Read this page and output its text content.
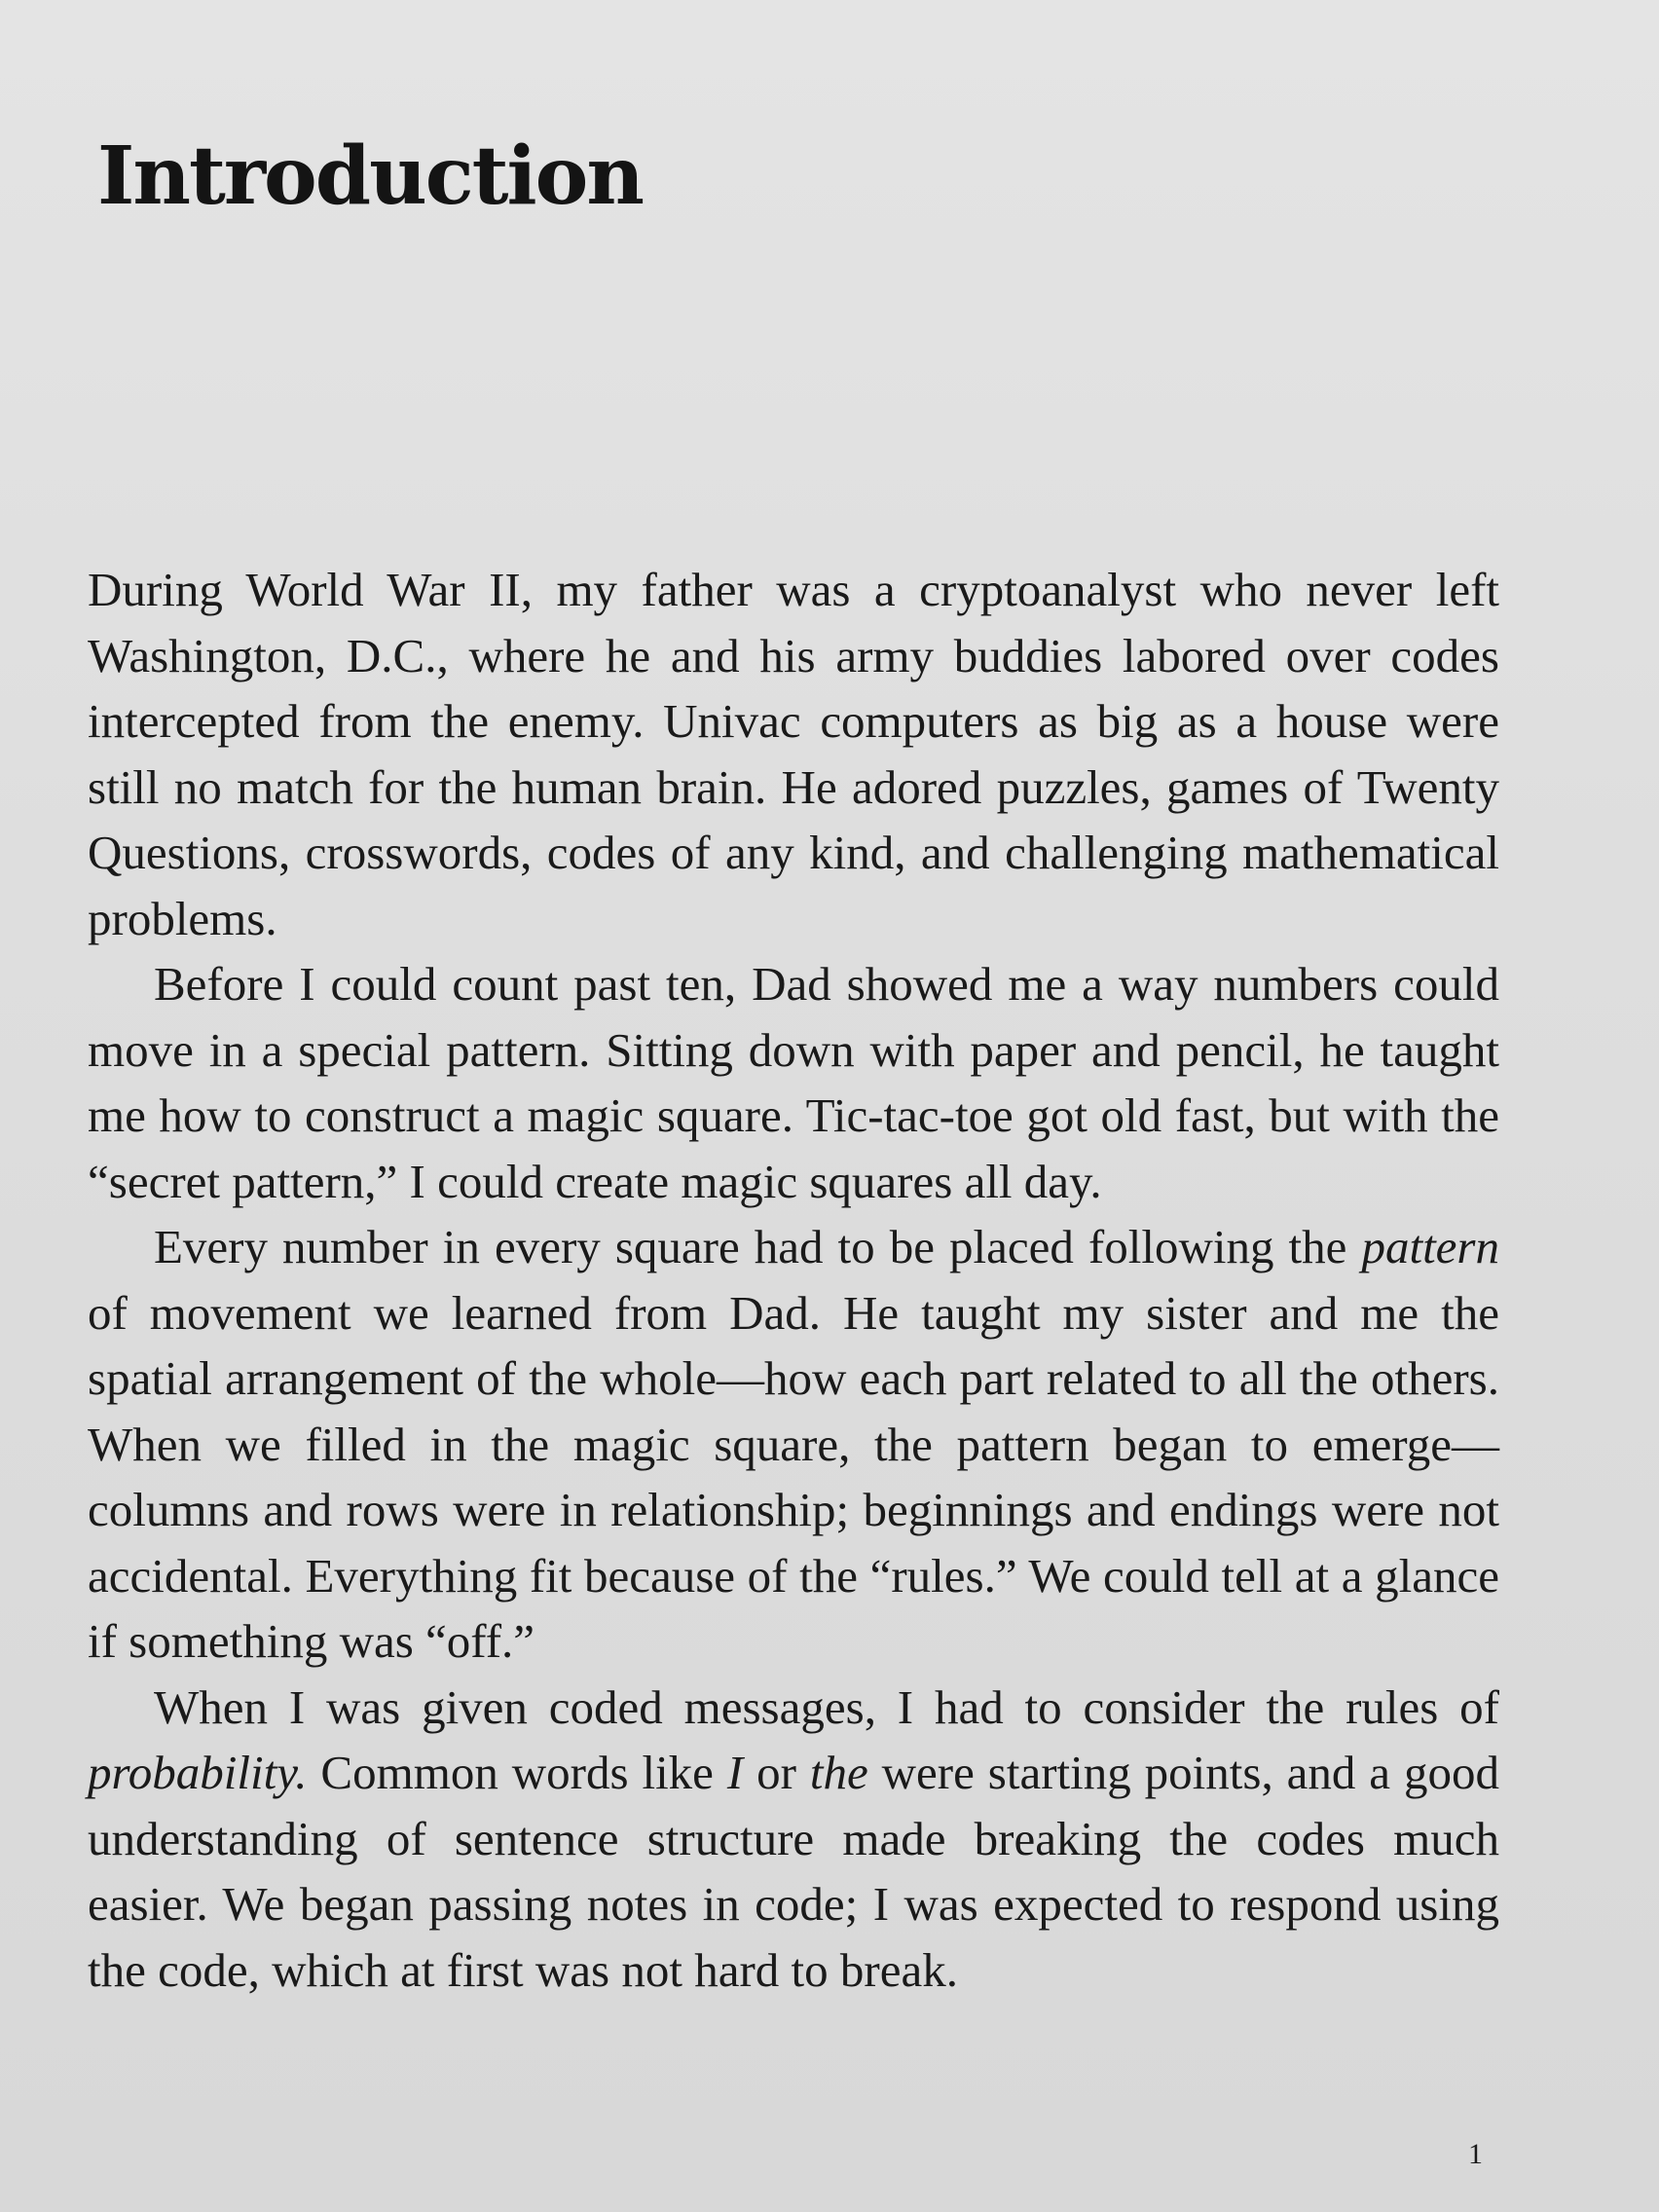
Introduction

During World War II, my father was a cryptoanalyst who never left Washington, D.C., where he and his army buddies labored over codes intercepted from the enemy. Univac computers as big as a house were still no match for the human brain. He adored puzzles, games of Twenty Questions, crosswords, codes of any kind, and challenging mathematical problems.

Before I could count past ten, Dad showed me a way numbers could move in a special pattern. Sitting down with paper and pencil, he taught me how to construct a magic square. Tic-tac-toe got old fast, but with the “secret pattern,” I could create magic squares all day.

Every number in every square had to be placed following the pattern of movement we learned from Dad. He taught my sister and me the spatial arrangement of the whole—how each part related to all the others. When we filled in the magic square, the pattern began to emerge—columns and rows were in relationship; beginnings and endings were not accidental. Everything fit because of the “rules.” We could tell at a glance if something was “off.”

When I was given coded messages, I had to consider the rules of probability. Common words like I or the were starting points, and a good understanding of sentence structure made breaking the codes much easier. We began passing notes in code; I was expected to respond using the code, which at first was not hard to break.

1
